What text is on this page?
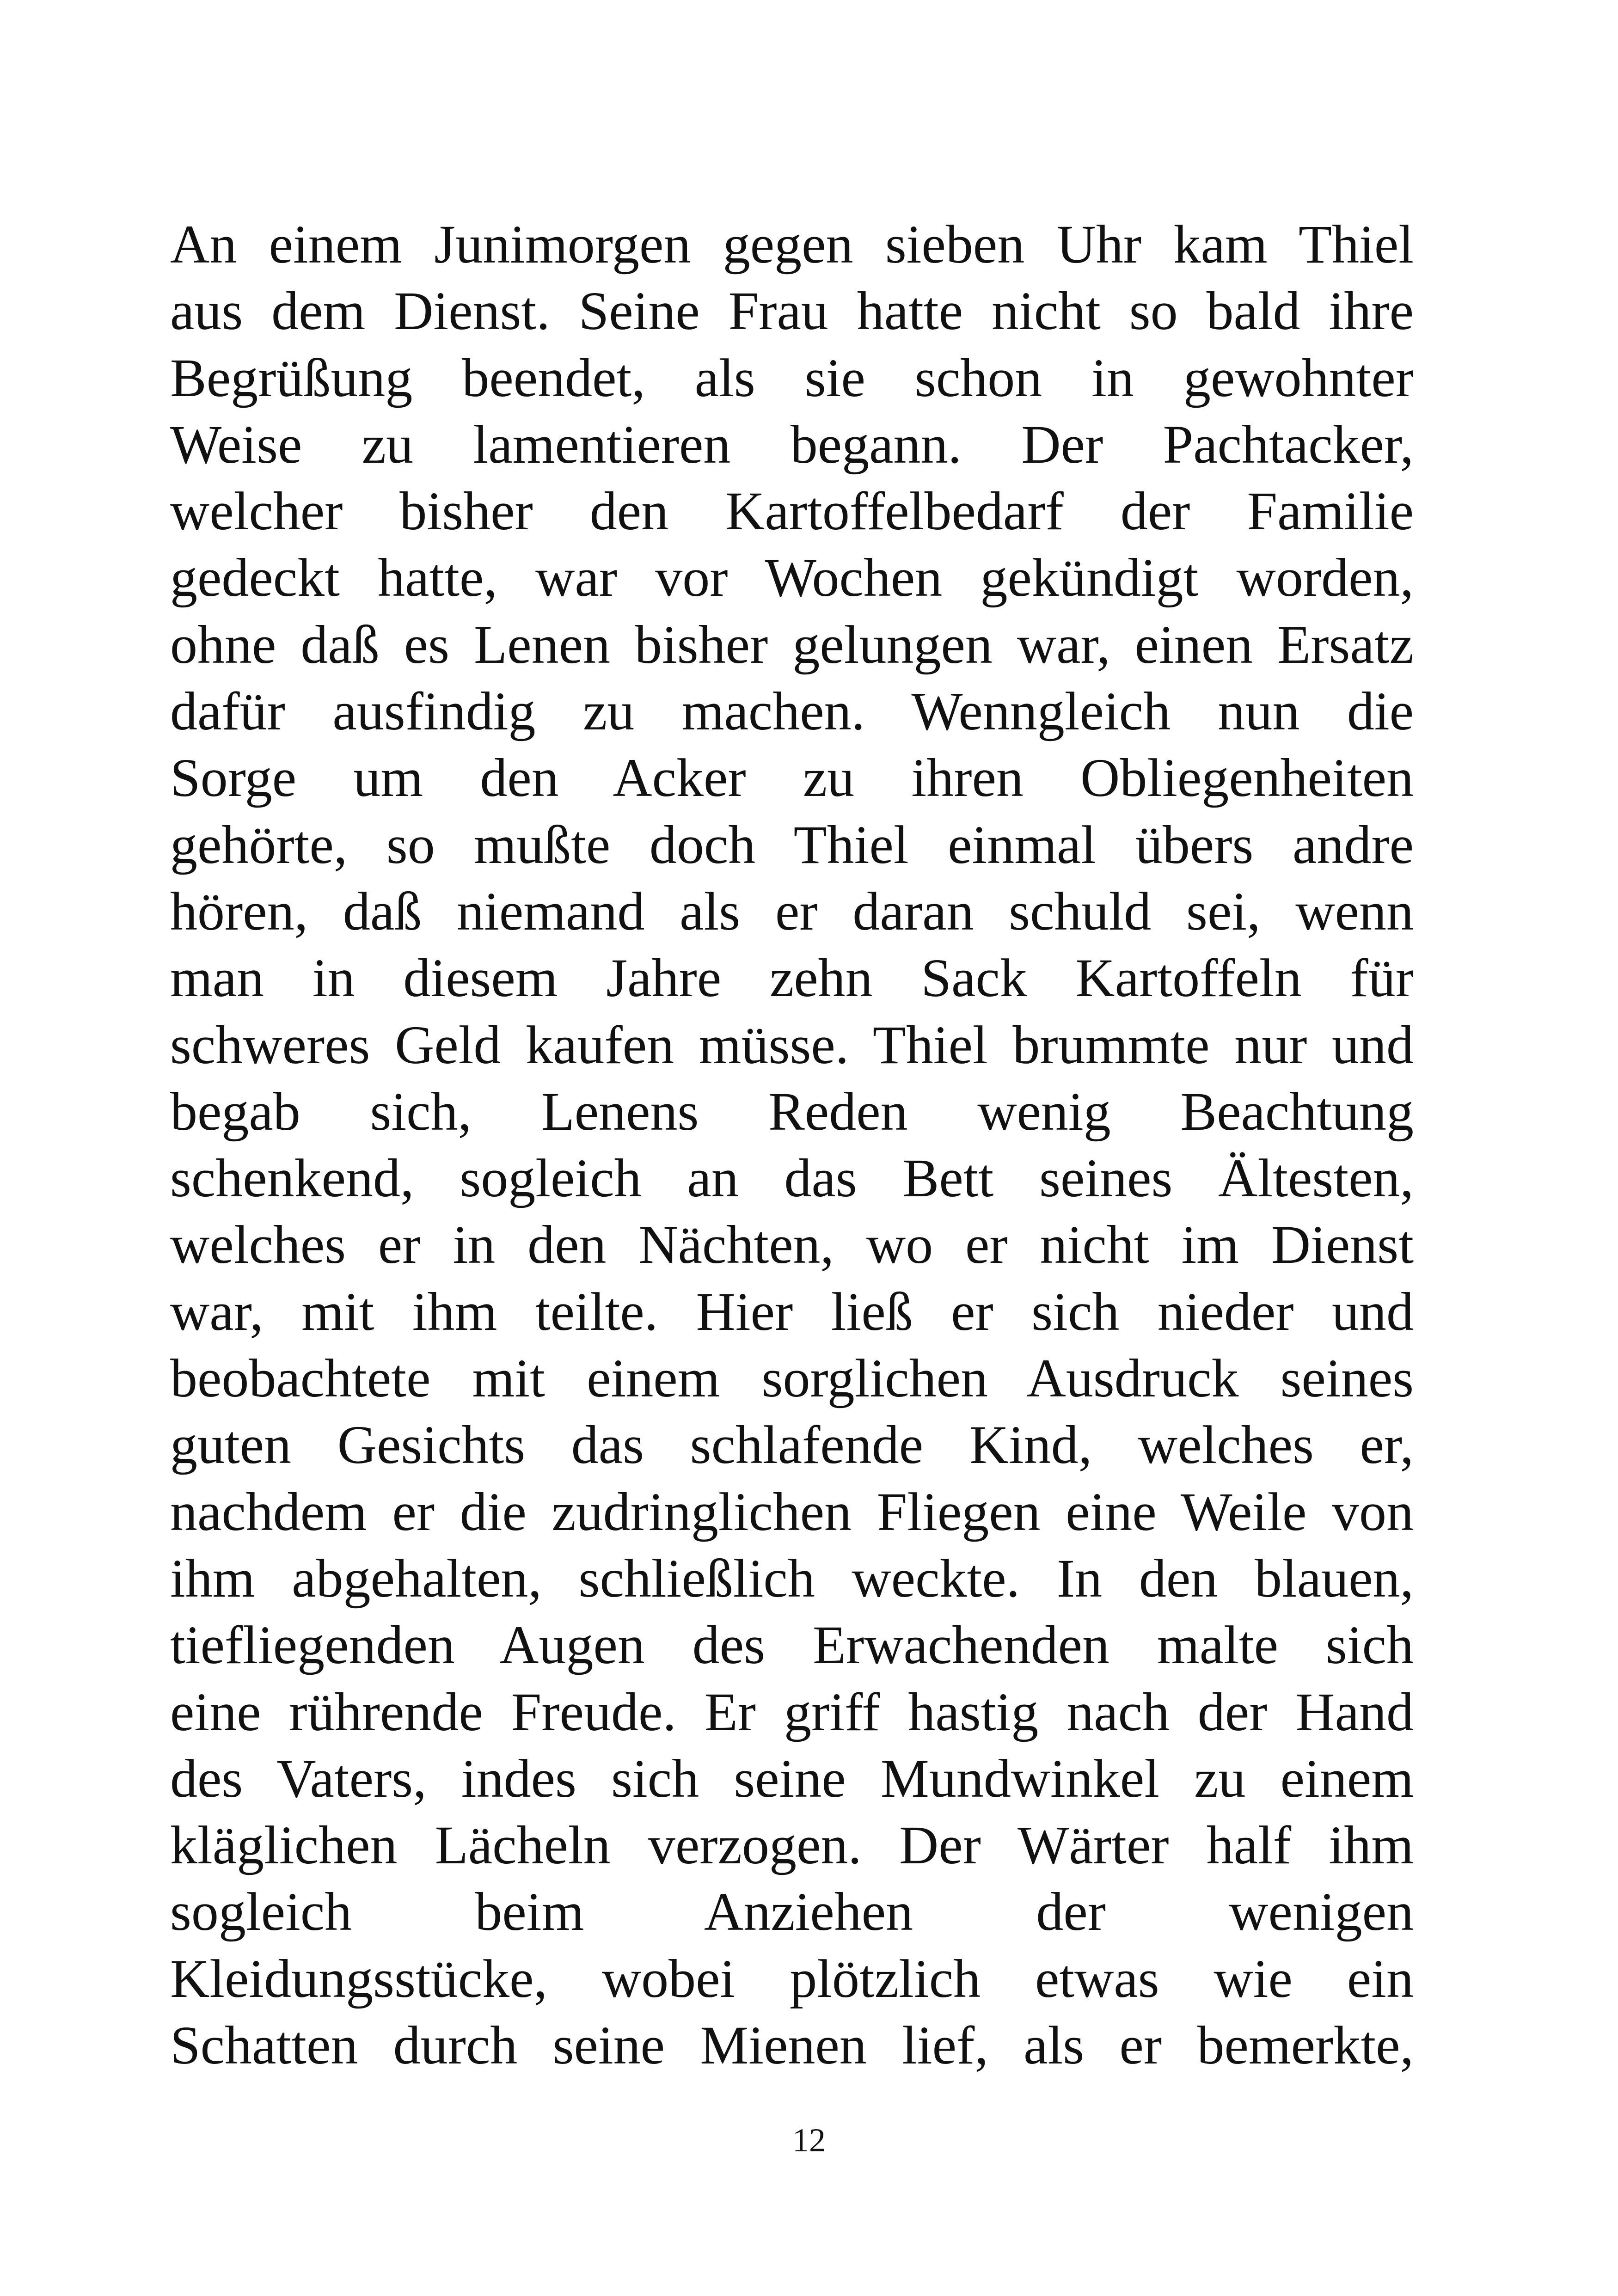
An einem Junimorgen gegen sieben Uhr kam Thiel
aus dem Dienst. Seine Frau hatte nicht so bald ihre
Begrüßung beendet, als sie schon in gewohnter
Weise zu lamentieren begann. Der Pachtacker,
welcher bisher den Kartoffelbedarf der Familie
gedeckt hatte, war vor Wochen gekündigt worden,
ohne daß es Lenen bisher gelungen war, einen Ersatz
dafür ausfindig zu machen. Wenngleich nun die
Sorge um den Acker zu ihren Obliegenheiten
gehörte, so mußte doch Thiel einmal übers andre
hören, daß niemand als er daran schuld sei, wenn
man in diesem Jahre zehn Sack Kartoffeln für
schweres Geld kaufen müsse. Thiel brummte nur und
begab sich, Lenens Reden wenig Beachtung
schenkend, sogleich an das Bett seines Ältesten,
welches er in den Nächten, wo er nicht im Dienst
war, mit ihm teilte. Hier ließ er sich nieder und
beobachtete mit einem sorglichen Ausdruck seines
guten Gesichts das schlafende Kind, welches er,
nachdem er die zudringlichen Fliegen eine Weile von
ihm abgehalten, schließlich weckte. In den blauen,
tiefliegenden Augen des Erwachenden malte sich
eine rührende Freude. Er griff hastig nach der Hand
des Vaters, indes sich seine Mundwinkel zu einem
kläglichen Lächeln verzogen. Der Wärter half ihm
sogleich beim Anziehen der wenigen
Kleidungsstücke, wobei plötzlich etwas wie ein
Schatten durch seine Mienen lief, als er bemerkte,
12
